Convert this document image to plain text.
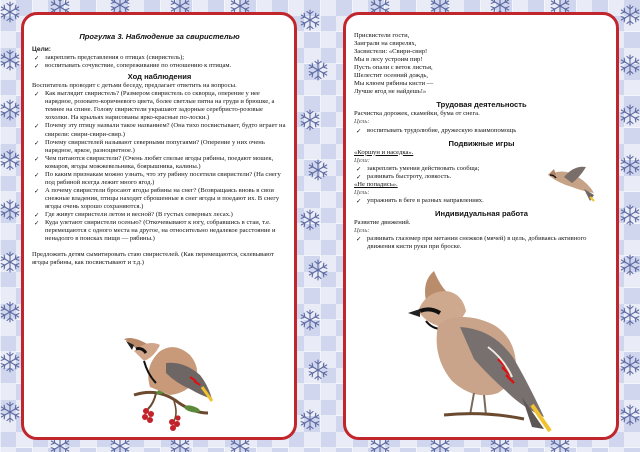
Прогулка 3. Наблюдение за свиристелью
Цели:
✓ закреплять представления о птицах (свиристель);
✓ воспитывать сочувствие, сопереживание по отношению к птицам.
Ход наблюдения

Воспитатель проводит с детьми беседу, предлагает ответить на вопросы.

✓ Как выглядит свиристель? (Размером свиристель со скворца, оперение у нее нарядное, розовато-коричневого цвета, более светлые пятна на груди и брюшке, а темнее на спине. Голову свиристели украшают задорные серебристо-розовые хохолки. На крыльях нарисованы ярко-красные по-лоски.)
✓ Почему эту птицу назвали такое названием? (Она тихо посвистывает, будто играет на свирели: свири-свири-свир.)
✓ Почему свиристелей называют северными попугаями? (Оперение у них очень нарядное, яркое, разноцветное.)
✓ Чем питаются свиристели? (Очень любят спелые ягоды рябины, поедают мошек, комаров, ягоды можжевельника, боярышника, калины.)
✓ По каким признакам можно узнать, что эту рябину посетили свиристели? (На снегу под рябиной всегда лежит много ягод.)
✓ А почему свиристели бросают ягоды рябины на снег? (Возвращаясь вновь в свои снежные владения, птицы находят сброшенные в снег ягоды и поедают их. В снегу ягоды очень хорошо сохраняются.)
✓ Где живут свиристели летом и весной? (В густых северных лесах.)
✓ Куда улетают свиристели осенью? (Откочевывают к югу, собравшись в стаи, т.е. перемещаются с одного места на другое, на относительно недалекое расстояние и ненадолго в поисках пищи — рябины.)

Предложить детям сымитировать стаю свиристелей. (Как перемещаются, склевывают ягоды рябины, как посвистывают и т.д.)

Присвистели гости,

Заиграли на свирелях,

Засвистели: «Свири-свир!

Мы в лесу устроим пир!

Пусть опали с веток листья,

Шелестит осенний дождь,

Мы клюем рябины кисти —

Лучше ягод не найдешь!»

Трудовая деятельность

Расчистка дорожек, скамейки, бума от снега.

Цель:
✓ воспитывать трудолюбие, дружескую взаимопомощь
Подвижные игры

«Коршун и наседка».

Цели:
✓ закреплять умения действовать сообща;
✓ развивать быстроту, ловкость.

«Не попадись».

Цель:
✓ упражнять в беге в разных направлениях.
Индивидуальная работа

Развитие движений.

Цель:
✓ развивать глазомер при метании снежков (мячей) в цель, добиваясь активного движения кисти руки при броске.
